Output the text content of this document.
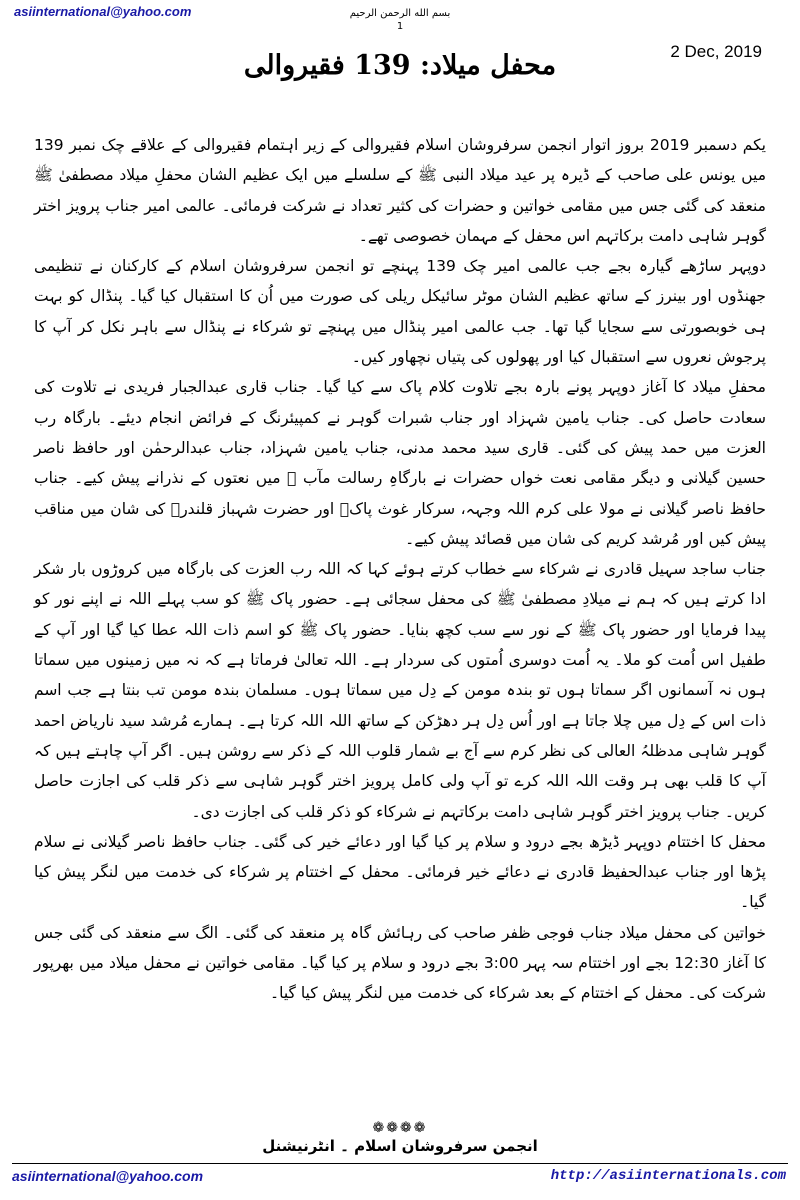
asiinternational@yahoo.com	بسم الله الرحمن الرحیم
1
2 Dec, 2019
محفل میلاد: 139 فقیروالی

یکم دسمبر 2019 بروز اتوار انجمن سرفروشان اسلام فقیروالی کے زیر اہتمام فقیروالی کے علاقے چک نمبر 139 میں یونس علی صاحب کے ڈیرہ پر عید میلاد النبی ﷺ کے سلسلے میں ایک عظیم الشان محفلِ میلاد مصطفیٰ ﷺ منعقد کی گئی جس میں مقامی خواتین و حضرات کی کثیر تعداد نے شرکت فرمائی۔ عالمی امیر جناب پرویز اختر گوہر شاہی دامت برکاتہم اس محفل کے مہمان خصوصی تھے۔

دوپہر ساڑھے گیارہ بجے جب عالمی امیر چک 139 پہنچے تو انجمن سرفروشان اسلام کے کارکنان نے تنظیمی جھنڈوں اور بینرز کے ساتھ عظیم الشان موٹر سائیکل ریلی کی صورت میں اُن کا استقبال کیا گیا۔ پنڈال کو بہت ہی خوبصورتی سے سجایا گیا تھا۔ جب عالمی امیر پنڈال میں پہنچے تو شرکاء نے پنڈال سے باہر نکل کر آپ کا پرجوش نعروں سے استقبال کیا اور پھولوں کی پتیاں نچھاور کیں۔

محفلِ میلاد کا آغاز دوپہر پونے بارہ بجے تلاوت کلام پاک سے کیا گیا۔ جناب قاری عبدالجبار فریدی نے تلاوت کی سعادت حاصل کی۔ جناب یامین شہزاد اور جناب شبرات گوہر نے کمپیئرنگ کے فرائض انجام دیئے۔ بارگاہ رب العزت میں حمد پیش کی گئی۔ قاری سید محمد مدنی، جناب یامین شہزاد، جناب عبدالرحمٰن اور حافظ ناصر حسین گیلانی و دیگر مقامی نعت خواں حضرات نے بارگاہِ رسالت مآب ﷺ میں نعتوں کے نذرانے پیش کیے۔ جناب حافظ ناصر گیلانی نے مولا علی کرم اللہ وجہہ، سرکار غوث پاکؓ اور حضرت شہباز قلندرؒ کی شان میں مناقب پیش کیں اور مُرشد کریم کی شان میں قصائد پیش کیے۔

جناب ساجد سہیل قادری نے شرکاء سے خطاب کرتے ہوئے کہا کہ اللہ رب العزت کی بارگاہ میں کروڑوں بار شکر ادا کرتے ہیں کہ ہم نے میلادِ مصطفیٰ ﷺ کی محفل سجائی ہے۔ حضور پاک ﷺ کو سب پہلے اللہ نے اپنے نور کو پیدا فرمایا اور حضور پاک ﷺ کے نور سے سب کچھ بنایا۔ حضور پاک ﷺ کو اسم ذات اللہ عطا کیا گیا اور آپ کے طفیل اس اُمت کو ملا۔ یہ اُمت دوسری اُمتوں کی سردار ہے۔ اللہ تعالیٰ فرماتا ہے کہ نہ میں زمینوں میں سماتا ہوں نہ آسمانوں اگر سماتا ہوں تو بندہ مومن کے دِل میں سماتا ہوں۔ مسلمان بندہ مومن تب بنتا ہے جب اسم ذات اس کے دِل میں چلا جاتا ہے اور اُس دِل ہر دھڑکن کے ساتھ اللہ اللہ کرتا ہے۔ ہمارے مُرشد سید ناریاض احمد گوہر شاہی مدظلہُ العالی کی نظر کرم سے آج بے شمار قلوب اللہ کے ذکر سے روشن ہیں۔ اگر آپ چاہتے ہیں کہ آپ کا قلب بھی ہر وقت اللہ اللہ کرے تو آپ ولی کامل پرویز اختر گوہر شاہی سے ذکر قلب کی اجازت حاصل کریں۔ جناب پرویز اختر گوہر شاہی دامت برکاتہم نے شرکاء کو ذکر قلب کی اجازت دی۔

محفل کا اختتام دوپہر ڈیڑھ بجے درود و سلام پر کیا گیا اور دعائے خیر کی گئی۔ جناب حافظ ناصر گیلانی نے سلام پڑھا اور جناب عبدالحفیظ قادری نے دعائے خیر فرمائی۔ محفل کے اختتام پر شرکاء کی خدمت میں لنگر پیش کیا گیا۔

خواتین کی محفل میلاد جناب فوجی ظفر صاحب کی رہائش گاہ پر منعقد کی گئی۔ الگ سے منعقد کی گئی جس کا آغاز 12:30 بجے اور اختتام سہ پہر 3:00 بجے درود و سلام پر کیا گیا۔ مقامی خواتین نے محفل میلاد میں بھرپور شرکت کی۔ محفل کے اختتام کے بعد شرکاء کی خدمت میں لنگر پیش کیا گیا۔

❁❁❁❁
انجمن سرفروشان اسلام ۔ انٹرنیشنل
asiinternational@yahoo.com	http://asiinternationals.com
